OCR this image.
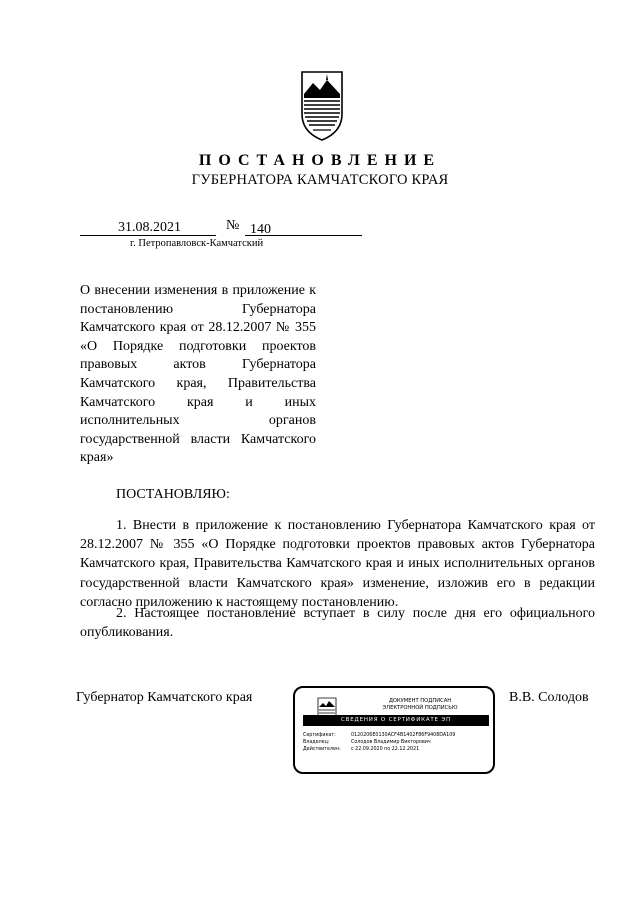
ПОСТАНОВЛЕНИЕ
ГУБЕРНАТОРА КАМЧАТСКОГО КРАЯ
31.08.2021	№ 140
г. Петропавловск-Камчатский
О внесении изменения в приложение к постановлению Губернатора Камчатского края от 28.12.2007 № 355 «О Порядке подготовки проектов правовых актов Губернатора Камчатского края, Правительства Камчатского края и иных исполнительных органов государственной власти Камчатского края»
ПОСТАНОВЛЯЮ:
1. Внести в приложение к постановлению Губернатора Камчатского края от 28.12.2007 № 355 «О Порядке подготовки проектов правовых актов Губернатора Камчатского края, Правительства Камчатского края и иных исполнительных органов государственной власти Камчатского края» изменение, изложив его в редакции согласно приложению к настоящему постановлению.
2. Настоящее постановление вступает в силу после дня его официального опубликования.
Губернатор Камчатского края	В.В. Солодов
ДОКУМЕНТ ПОДПИСАН
ЭЛЕКТРОННОЙ ПОДПИСЬЮ
СВЕДЕНИЯ О СЕРТИФИКАТЕ ЭП
Сертификат:	0120206E0130ACF4B1402F86F9408DA109
Владелец:	Солодов Владимир Викторович
Действителен: с 22.09.2020 по 22.12.2021
